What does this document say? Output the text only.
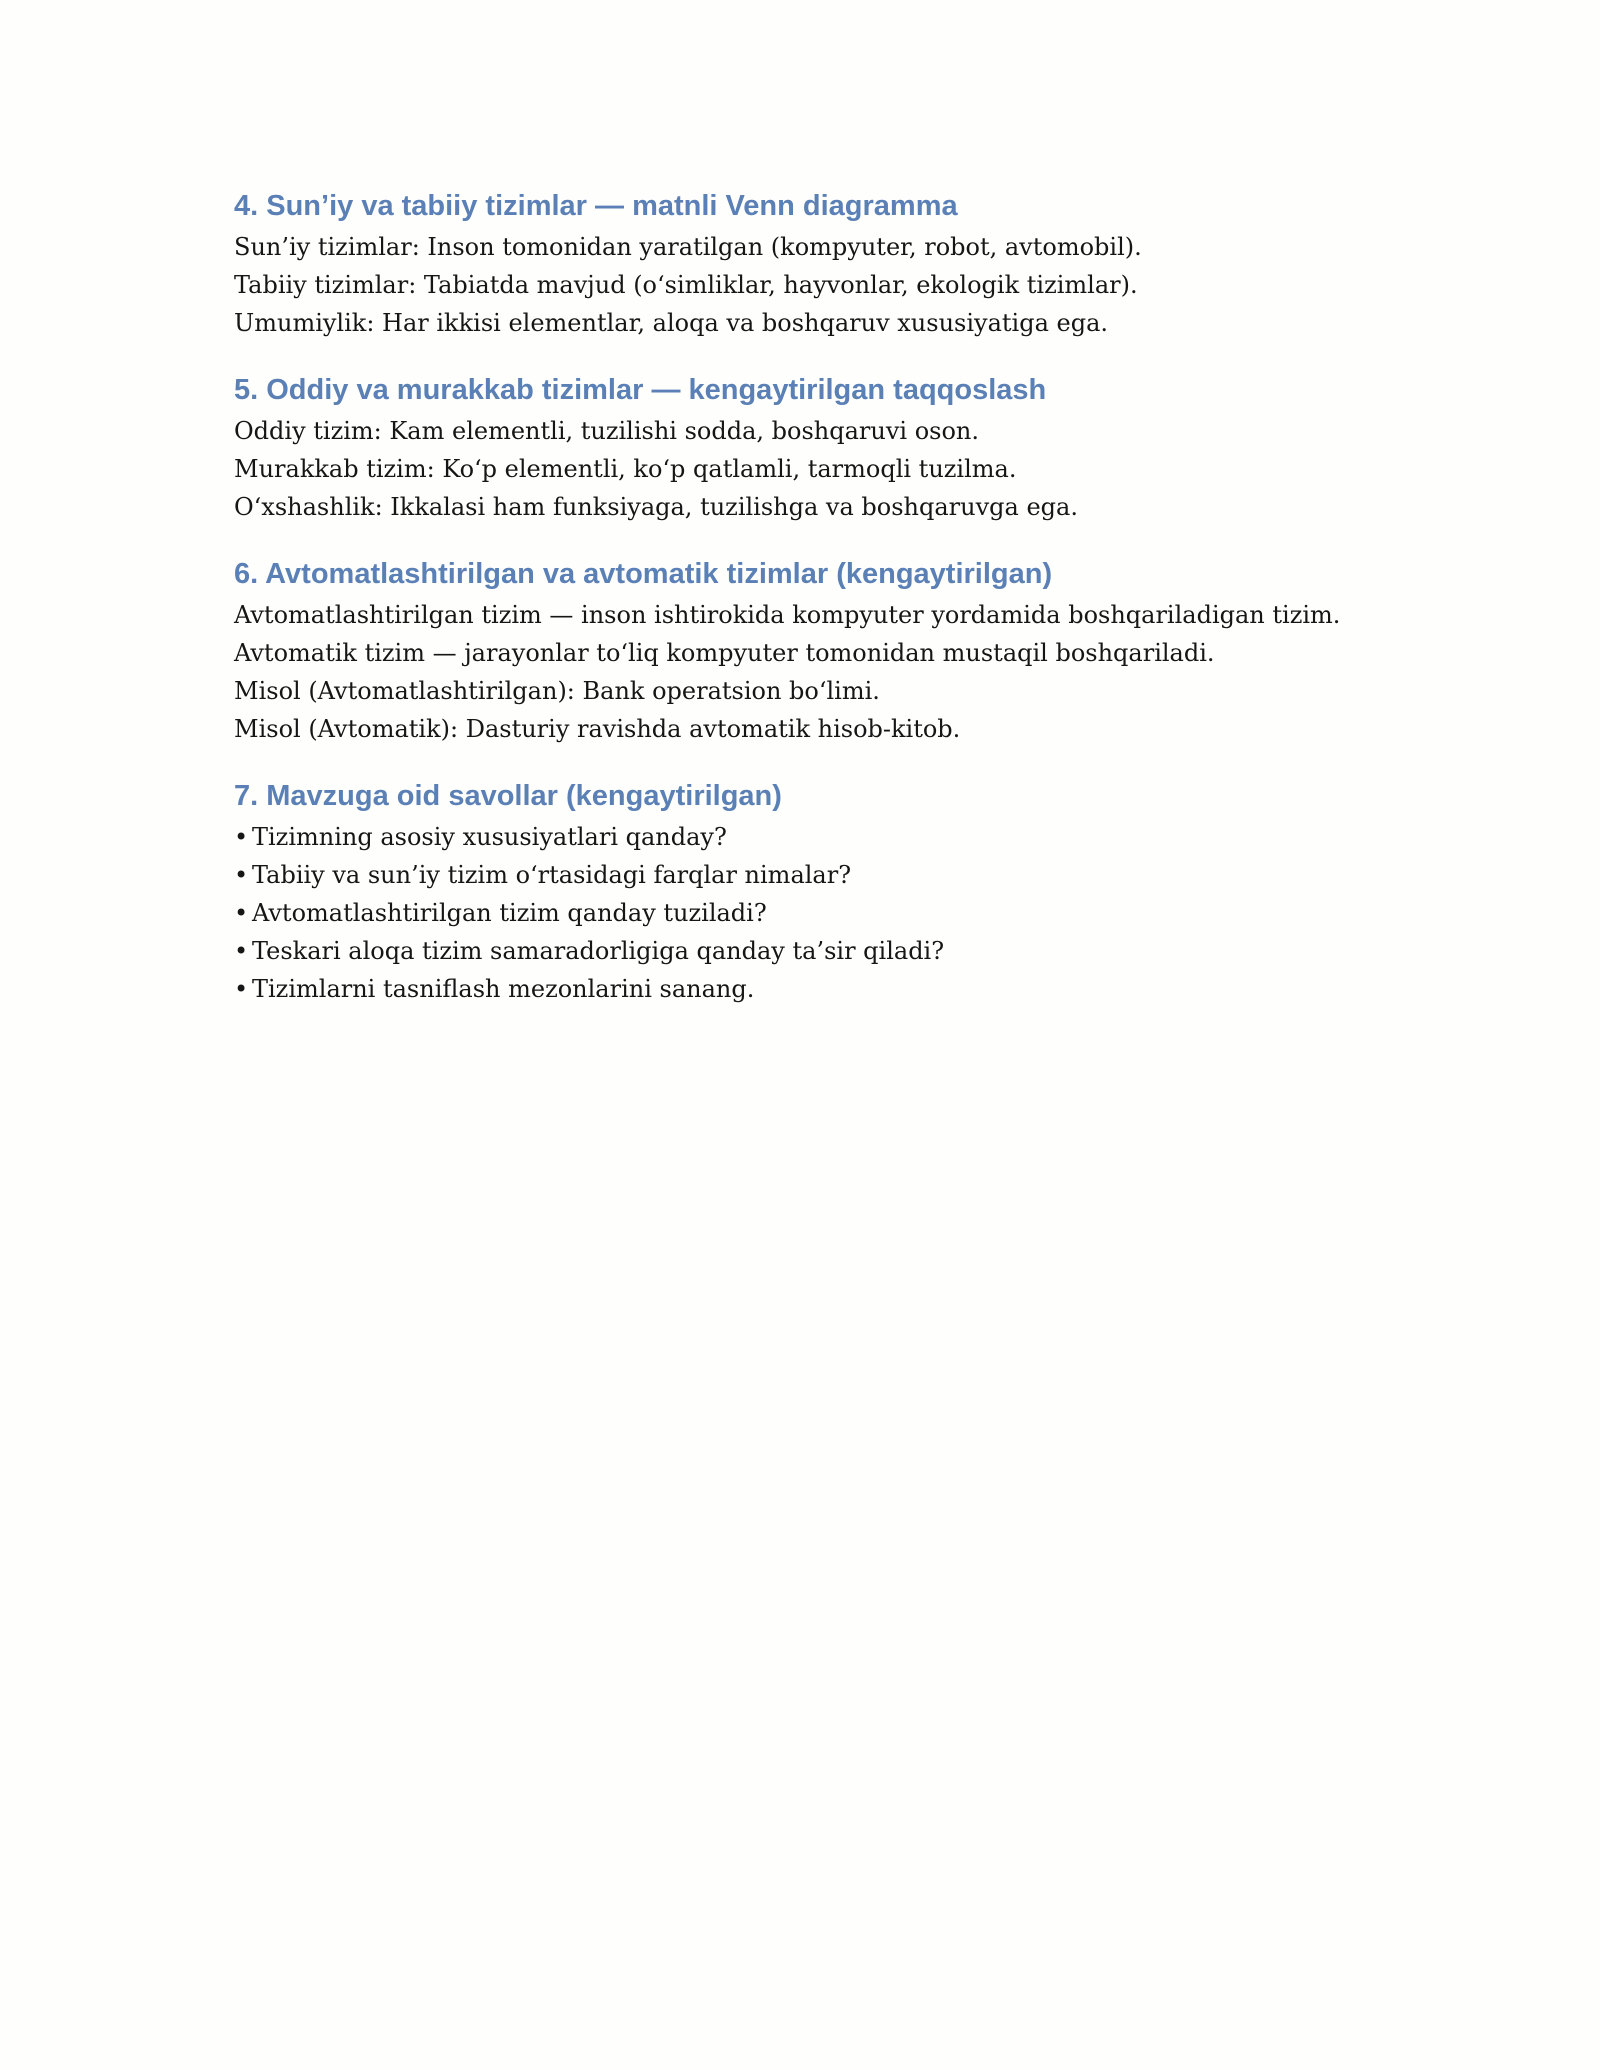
4. Sun’iy va tabiiy tizimlar — matnli Venn diagramma

Sun’iy tizimlar: Inson tomonidan yaratilgan (kompyuter, robot, avtomobil).

Tabiiy tizimlar: Tabiatda mavjud (oʻsimliklar, hayvonlar, ekologik tizimlar).

Umumiylik: Har ikkisi elementlar, aloqa va boshqaruv xususiyatiga ega.

5. Oddiy va murakkab tizimlar — kengaytirilgan taqqoslash

Oddiy tizim: Kam elementli, tuzilishi sodda, boshqaruvi oson.

Murakkab tizim: Koʻp elementli, koʻp qatlamli, tarmoqli tuzilma.

Oʻxshashlik: Ikkalasi ham funksiyaga, tuzilishga va boshqaruvga ega.

6. Avtomatlashtirilgan va avtomatik tizimlar (kengaytirilgan)

Avtomatlashtirilgan tizim — inson ishtirokida kompyuter yordamida boshqariladigan tizim.

Avtomatik tizim — jarayonlar toʻliq kompyuter tomonidan mustaqil boshqariladi.

Misol (Avtomatlashtirilgan): Bank operatsion boʻlimi.

Misol (Avtomatik): Dasturiy ravishda avtomatik hisob-kitob.

7. Mavzuga oid savollar (kengaytirilgan)
• Tizimning asosiy xususiyatlari qanday?
• Tabiiy va sun’iy tizim oʻrtasidagi farqlar nimalar?
• Avtomatlashtirilgan tizim qanday tuziladi?
• Teskari aloqa tizim samaradorligiga qanday ta’sir qiladi?
• Tizimlarni tasniflash mezonlarini sanang.
